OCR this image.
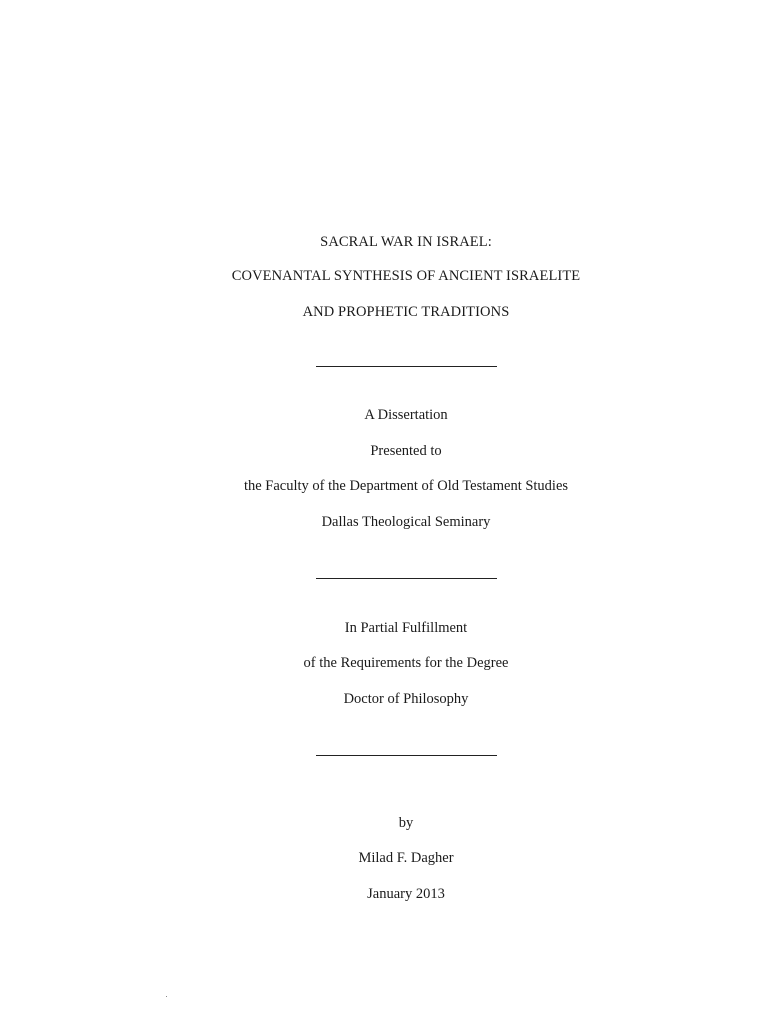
SACRAL WAR IN ISRAEL:
COVENANTAL SYNTHESIS OF ANCIENT ISRAELITE
AND PROPHETIC TRADITIONS
A Dissertation
Presented to
the Faculty of the Department of Old Testament Studies
Dallas Theological Seminary
In Partial Fulfillment
of the Requirements for the Degree
Doctor of Philosophy
by
Milad F. Dagher
January 2013
